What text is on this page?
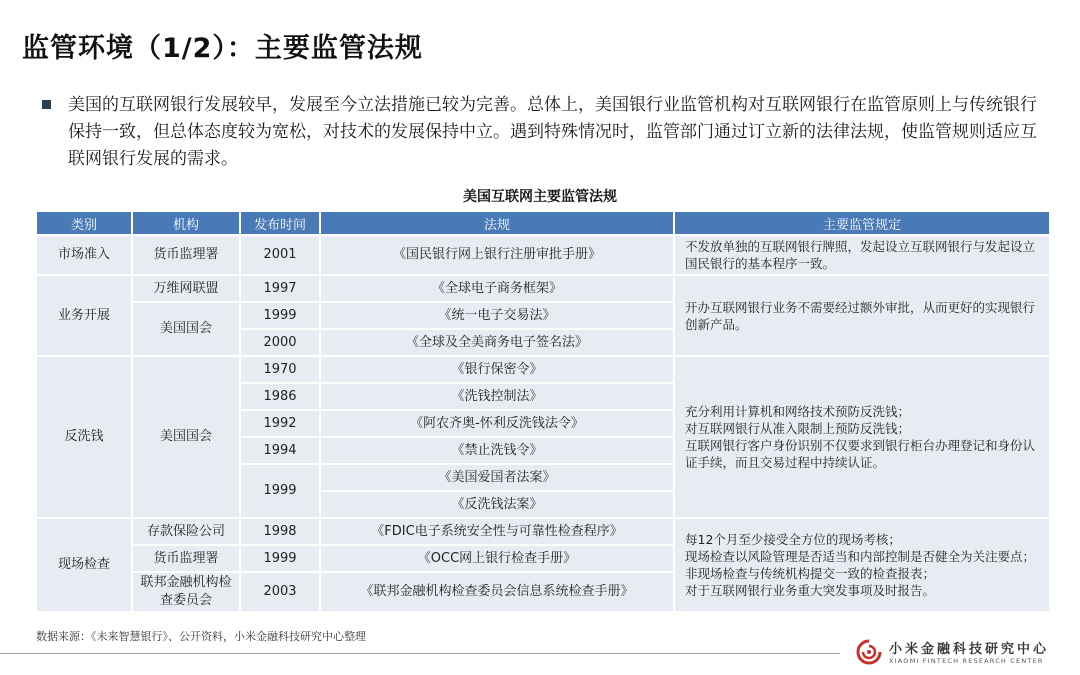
监管环境（1/2）：主要监管法规
美国的互联网银行发展较早，发展至今立法措施已较为完善。总体上，美国银行业监管机构对互联网银行在监管原则上与传统银行保持一致，但总体态度较为宽松，对技术的发展保持中立。遇到特殊情况时，监管部门通过订立新的法律法规，使监管规则适应互联网银行发展的需求。
美国互联网主要监管法规
类别	机构	发布时间	法规	主要监管规定
市场准入	货币监理署	2001	《国民银行网上银行注册审批手册》	不发放单独的互联网银行牌照，发起设立互联网银行与发起设立国民银行的基本程序一致。
业务开展	万维网联盟	1997	《全球电子商务框架》	开办互联网银行业务不需要经过额外审批，从而更好的实现银行创新产品。
	美国国会	1999	《统一电子交易法》	
		2000	《全球及全美商务电子签名法》	
反洗钱	美国国会	1970	《银行保密令》	充分利用计算机和网络技术预防反洗钱；
对互联网银行从准入限制上预防反洗钱；
互联网银行客户身份识别不仅要求到银行柜台办理登记和身份认证手续，而且交易过程中持续认证。
		1986	《洗钱控制法》	
		1992	《阿农齐奥-怀利反洗钱法令》	
		1994	《禁止洗钱令》	
		1999	《美国爱国者法案》	
			《反洗钱法案》	
现场检查	存款保险公司	1998	《FDIC电子系统安全性与可靠性检查程序》	每12个月至少接受全方位的现场考核；
现场检查以风险管理是否适当和内部控制是否健全为关注要点；
非现场检查与传统机构提交一致的检查报表；
对于互联网银行业务重大突发事项及时报告。
	货币监理署	1999	《OCC网上银行检查手册》	
	联邦金融机构检查委员会	2003	《联邦金融机构检查委员会信息系统检查手册》	
数据来源：《未来智慧银行》、公开资料，小米金融科技研究中心整理
小米金融科技研究中心
XIAOMI FINTECH RESEARCH CENTER
